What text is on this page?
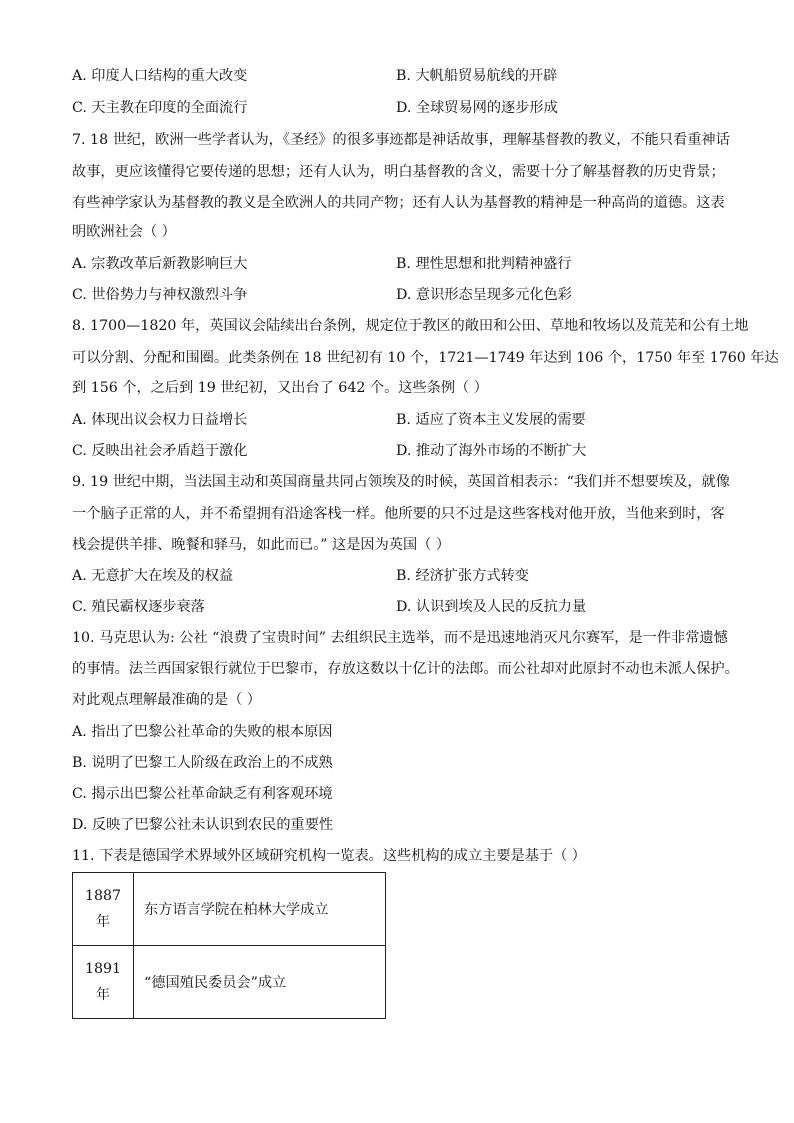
A. 印度人口结构的重大改变	B. 大帆船贸易航线的开辟
C. 天主教在印度的全面流行	D. 全球贸易网的逐步形成
7. 18 世纪，欧洲一些学者认为，《圣经》的很多事迹都是神话故事，理解基督教的教义，不能只看重神话
故事，更应该懂得它要传递的思想；还有人认为，明白基督教的含义，需要十分了解基督教的历史背景；
有些神学家认为基督教的教义是全欧洲人的共同产物；还有人认为基督教的精神是一种高尚的道德。这表
明欧洲社会（ ）
A. 宗教改革后新教影响巨大	B. 理性思想和批判精神盛行
C. 世俗势力与神权激烈斗争	D. 意识形态呈现多元化色彩
8. 1700—1820 年，英国议会陆续出台条例，规定位于教区的敞田和公田、草地和牧场以及荒芜和公有土地
可以分割、分配和围圈。此类条例在 18 世纪初有 10 个，1721—1749 年达到 106 个，1750 年至 1760 年达
到 156 个，之后到 19 世纪初，又出台了 642 个。这些条例（ ）
A. 体现出议会权力日益增长	B. 适应了资本主义发展的需要
C. 反映出社会矛盾趋于激化	D. 推动了海外市场的不断扩大
9. 19 世纪中期，当法国主动和英国商量共同占领埃及的时候，英国首相表示：“我们并不想要埃及，就像
一个脑子正常的人，并不希望拥有沿途客栈一样。他所要的只不过是这些客栈对他开放，当他来到时，客
栈会提供羊排、晚餐和驿马，如此而已。” 这是因为英国（ ）
A. 无意扩大在埃及的权益	B. 经济扩张方式转变
C. 殖民霸权逐步衰落	D. 认识到埃及人民的反抗力量
10. 马克思认为: 公社 “浪费了宝贵时间” 去组织民主选举，而不是迅速地消灭凡尔赛军，是一件非常遗憾
的事情。法兰西国家银行就位于巴黎市，存放这数以十亿计的法郎。而公社却对此原封不动也未派人保护。
对此观点理解最准确的是（ ）
A. 指出了巴黎公社革命的失败的根本原因
B. 说明了巴黎工人阶级在政治上的不成熟
C. 揭示出巴黎公社革命缺乏有利客观环境
D. 反映了巴黎公社未认识到农民的重要性
11. 下表是德国学术界域外区域研究机构一览表。这些机构的成立主要是基于（ ）
1887
年	东方语言学院在柏林大学成立

1891
年	“德国殖民委员会”成立
